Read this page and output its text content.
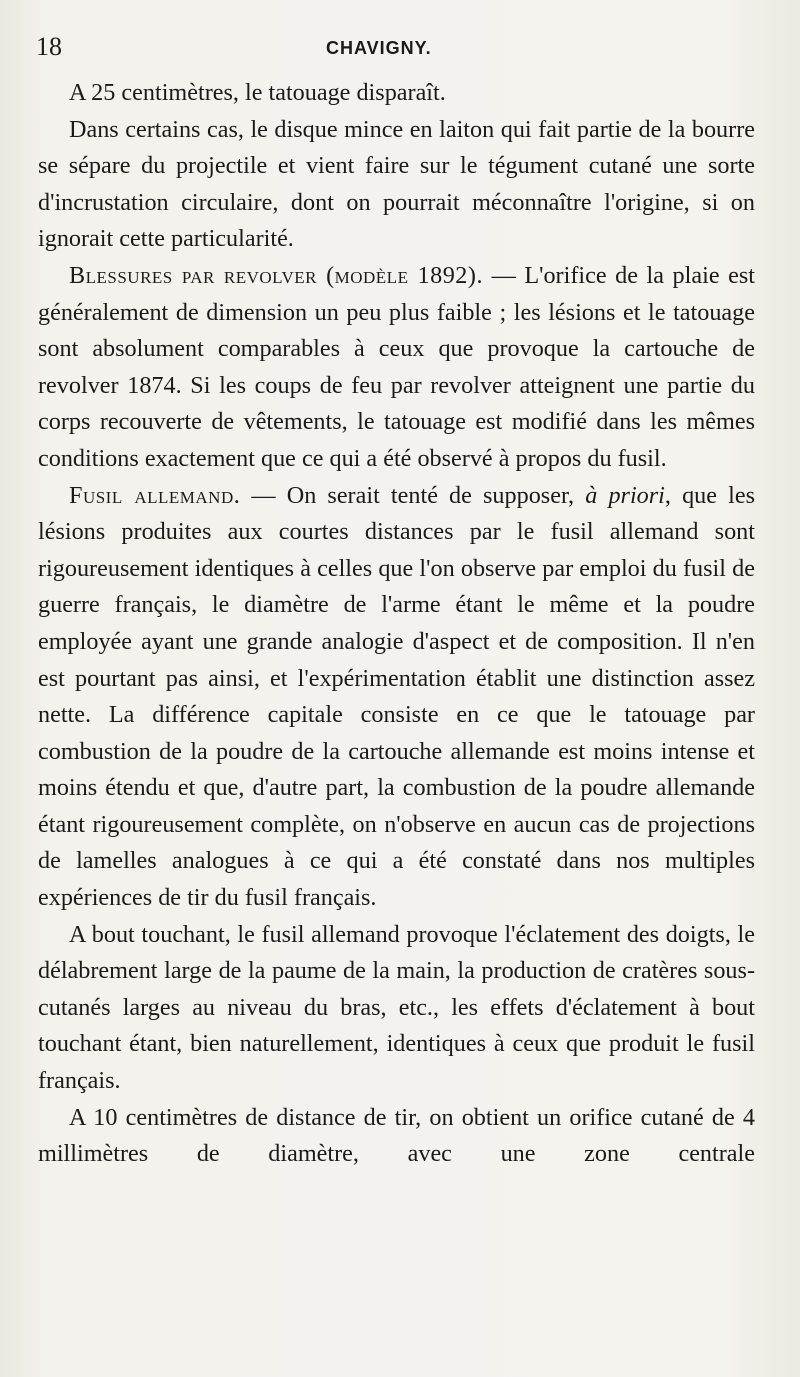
18	CHAVIGNY.

A 25 centimètres, le tatouage disparaît.

Dans certains cas, le disque mince en laiton qui fait partie de la bourre se sépare du projectile et vient faire sur le tégument cutané une sorte d'incrustation circulaire, dont on pourrait méconnaître l'origine, si on ignorait cette particularité.

Blessures par revolver (modèle 1892). — L'orifice de la plaie est généralement de dimension un peu plus faible ; les lésions et le tatouage sont absolument comparables à ceux que provoque la cartouche de revolver 1874. Si les coups de feu par revolver atteignent une partie du corps recouverte de vêtements, le tatouage est modifié dans les mêmes conditions exactement que ce qui a été observé à propos du fusil.

Fusil allemand. — On serait tenté de supposer, à priori, que les lésions produites aux courtes distances par le fusil allemand sont rigoureusement identiques à celles que l'on observe par emploi du fusil de guerre français, le diamètre de l'arme étant le même et la poudre employée ayant une grande analogie d'aspect et de composition. Il n'en est pourtant pas ainsi, et l'expérimentation établit une distinction assez nette. La différence capitale consiste en ce que le tatouage par combustion de la poudre de la cartouche allemande est moins intense et moins étendu et que, d'autre part, la combustion de la poudre allemande étant rigoureusement complète, on n'observe en aucun cas de projections de lamelles analogues à ce qui a été constaté dans nos multiples expériences de tir du fusil français.

A bout touchant, le fusil allemand provoque l'éclatement des doigts, le délabrement large de la paume de la main, la production de cratères sous-cutanés larges au niveau du bras, etc., les effets d'éclatement à bout touchant étant, bien naturellement, identiques à ceux que produit le fusil français.

A 10 centimètres de distance de tir, on obtient un orifice cutané de 4 millimètres de diamètre, avec une zone centrale
